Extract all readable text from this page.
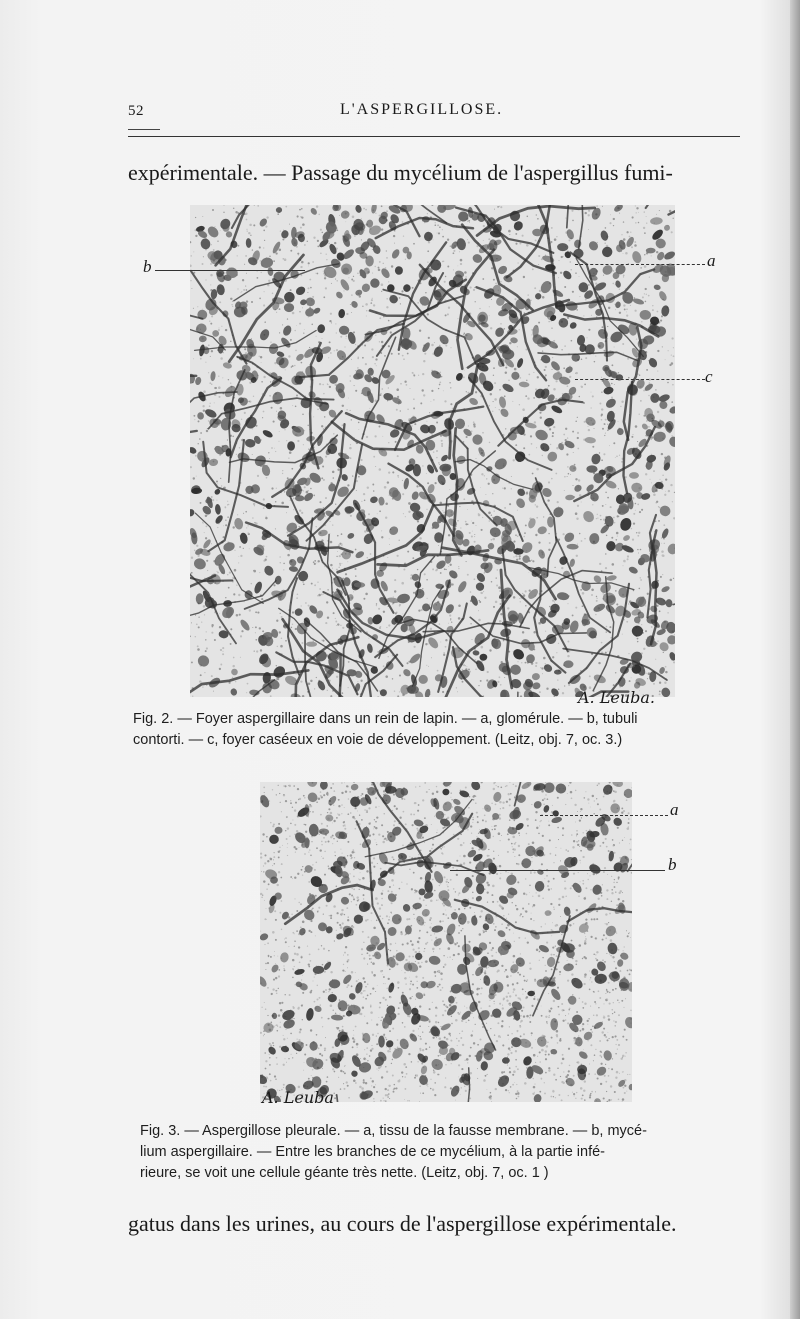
52	L'ASPERGILLOSE.
expérimentale. — Passage du mycélium de l'aspergillus fumi-
b	a
c
A. Leuba.
Fig. 2. — Foyer aspergillaire dans un rein de lapin. — a, glomérule. — b, tubuli
contorti. — c, foyer caséeux en voie de développement. (Leitz, obj. 7, oc. 3.)
a
b
A. Leuba
Fig. 3. — Aspergillose pleurale. — a, tissu de la fausse membrane. — b, mycé-
lium aspergillaire. — Entre les branches de ce mycélium, à la partie infé-
rieure, se voit une cellule géante très nette. (Leitz, obj. 7, oc. 1 )
gatus dans les urines, au cours de l'aspergillose expérimentale.
